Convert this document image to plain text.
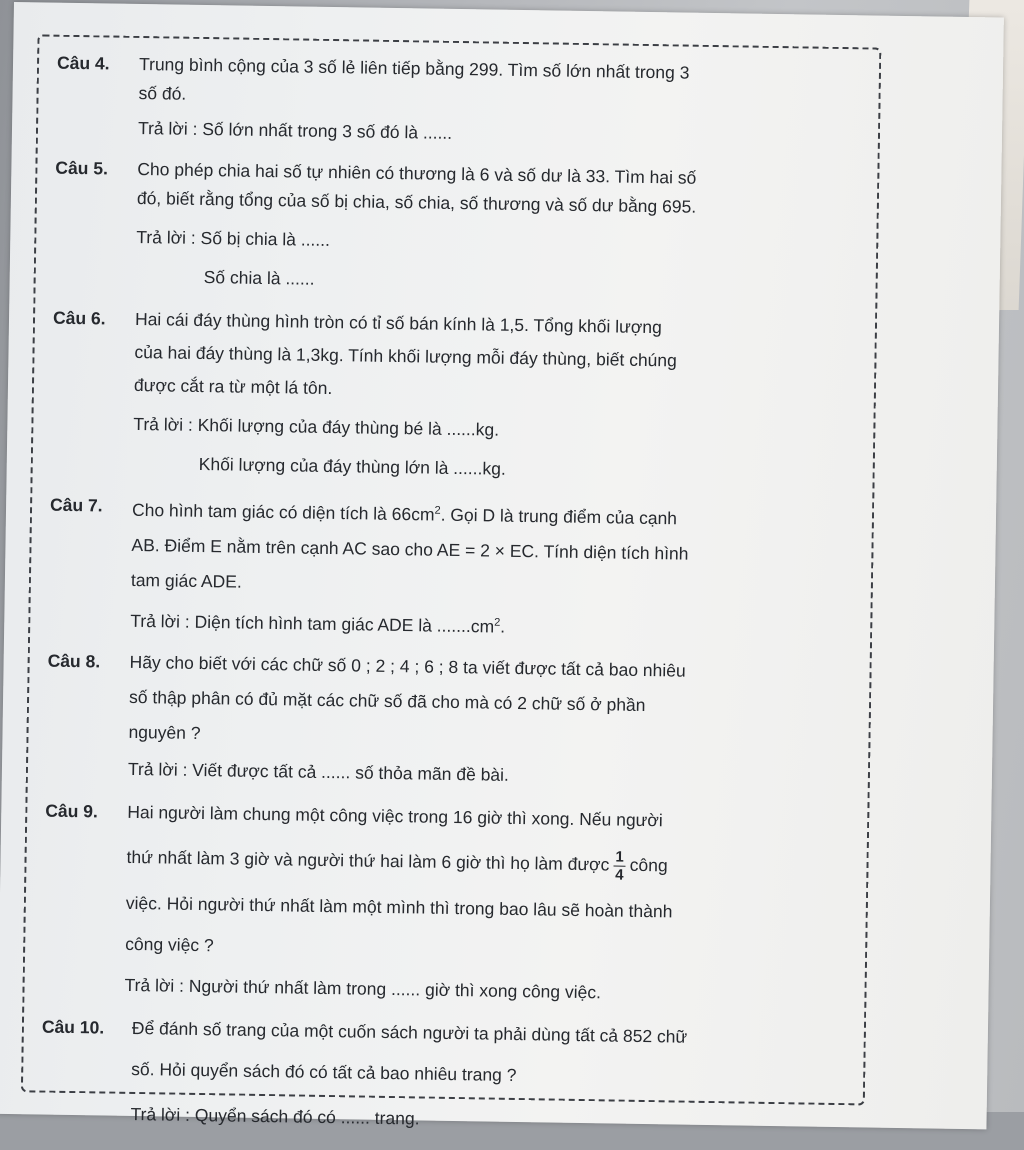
Câu 4.	Trung bình cộng của 3 số lẻ liên tiếp bằng 299. Tìm số lớn nhất trong 3
số đó.
Trả lời : Số lớn nhất trong 3 số đó là ......
Câu 5.	Cho phép chia hai số tự nhiên có thương là 6 và số dư là 33. Tìm hai số
đó, biết rằng tổng của số bị chia, số chia, số thương và số dư bằng 695.
Trả lời : Số bị chia là ......
Số chia là ......
Câu 6.	Hai cái đáy thùng hình tròn có tỉ số bán kính là 1,5. Tổng khối lượng
của hai đáy thùng là 1,3kg. Tính khối lượng mỗi đáy thùng, biết chúng
được cắt ra từ một lá tôn.
Trả lời : Khối lượng của đáy thùng bé là ......kg.
Khối lượng của đáy thùng lớn là ......kg.
Câu 7.	Cho hình tam giác có diện tích là $66cm^2$. Gọi D là trung điểm của cạnh
AB. Điểm E nằm trên cạnh AC sao cho AE = 2 × EC. Tính diện tích hình
tam giác ADE.
Trả lời : Diện tích hình tam giác ADE là $.......cm^2$.
Câu 8.	Hãy cho biết với các chữ số 0 ; 2 ; 4 ; 6 ; 8 ta viết được tất cả bao nhiêu
số thập phân có đủ mặt các chữ số đã cho mà có 2 chữ số ở phần
nguyên ?
Trả lời : Viết được tất cả ...... số thỏa mãn đề bài.
Câu 9.	Hai người làm chung một công việc trong 16 giờ thì xong. Nếu người
thứ nhất làm 3 giờ và người thứ hai làm 6 giờ thì họ làm được $\frac{1}{4}$ công
việc. Hỏi người thứ nhất làm một mình thì trong bao lâu sẽ hoàn thành
công việc ?
Trả lời : Người thứ nhất làm trong ...... giờ thì xong công việc.
Câu 10.	Để đánh số trang của một cuốn sách người ta phải dùng tất cả 852 chữ
số. Hỏi quyển sách đó có tất cả bao nhiêu trang ?
Trả lời : Quyển sách đó có ...... trang.
